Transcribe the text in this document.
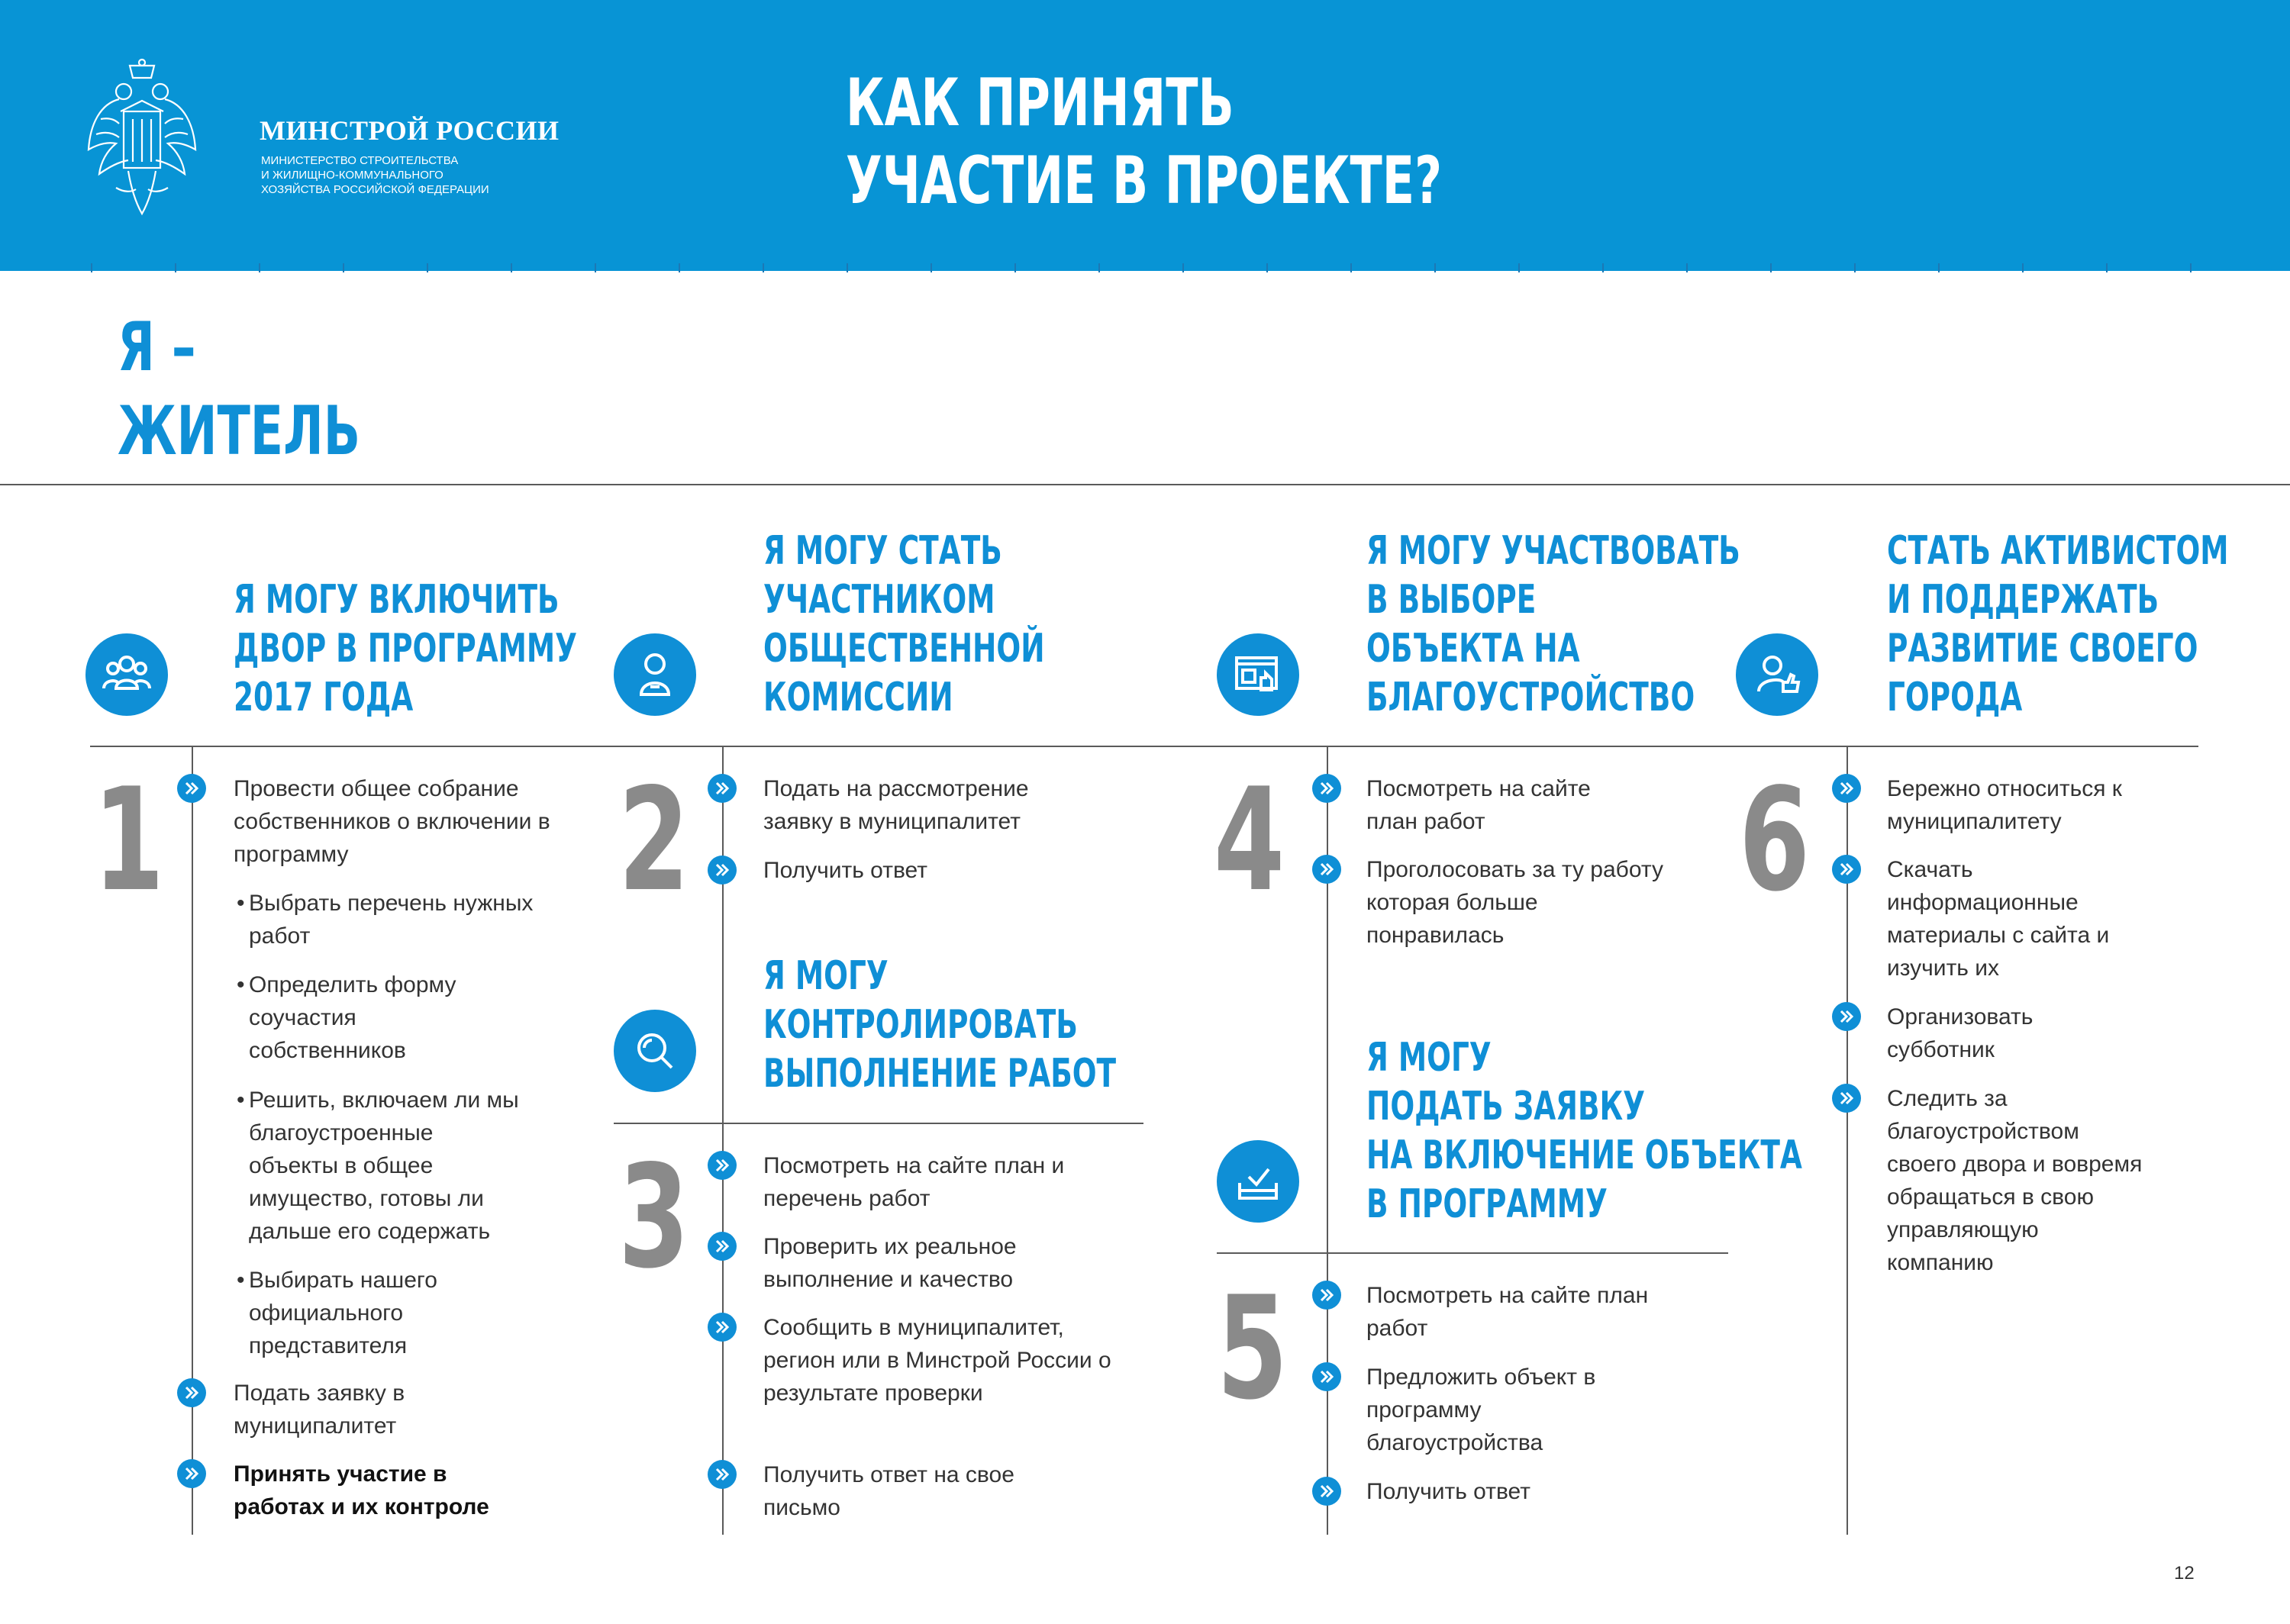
МИНСТРОЙ РОССИИ
МИНИСТЕРСТВО СТРОИТЕЛЬСТВА
И ЖИЛИЩНО-КОММУНАЛЬНОГО
ХОЗЯЙСТВА РОССИЙСКОЙ ФЕДЕРАЦИИ
КАК ПРИНЯТЬ
УЧАСТИЕ В ПРОЕКТЕ?
Я –
ЖИТЕЛЬ
Я МОГУ ВКЛЮЧИТЬ
ДВОР В ПРОГРАММУ
2017 ГОДА
1	Провести общее собрание собственников о включении в программу
• Выбрать перечень нужных работ
• Определить форму соучастия собственников
• Решить, включаем ли мы благоустроенные объекты в общее имущество, готовы ли дальше его содержать
• Выбирать нашего официального представителя
Подать заявку в муниципалитет
Принять участие в работах и их контроле
Я МОГУ СТАТЬ
УЧАСТНИКОМ
ОБЩЕСТВЕННОЙ
КОМИССИИ
2	Подать на рассмотрение заявку в муниципалитет
Получить ответ
Я МОГУ
КОНТРОЛИРОВАТЬ
ВЫПОЛНЕНИЕ РАБОТ
3	Посмотреть на сайте план и перечень работ
Проверить их реальное выполнение и качество
Сообщить в муниципалитет, регион или в Минстрой России о результате проверки
Получить ответ на свое письмо
Я МОГУ УЧАСТВОВАТЬ
В ВЫБОРЕ
ОБЪЕКТА НА
БЛАГОУСТРОЙСТВО
4	Посмотреть на сайте план работ
Проголосовать за ту работу которая больше понравилась
Я МОГУ
ПОДАТЬ ЗАЯВКУ
НА ВКЛЮЧЕНИЕ ОБЪЕКТА
В ПРОГРАММУ
5	Посмотреть на сайте план работ
Предложить объект в программу благоустройства
Получить ответ
СТАТЬ АКТИВИСТОМ
И ПОДДЕРЖАТЬ
РАЗВИТИЕ СВОЕГО
ГОРОДА
6	Бережно относиться к муниципалитету
Скачать информационные материалы с сайта и изучить их
Организовать субботник
Следить за благоустройством своего двора и вовремя обращаться в свою управляющую компанию
12
